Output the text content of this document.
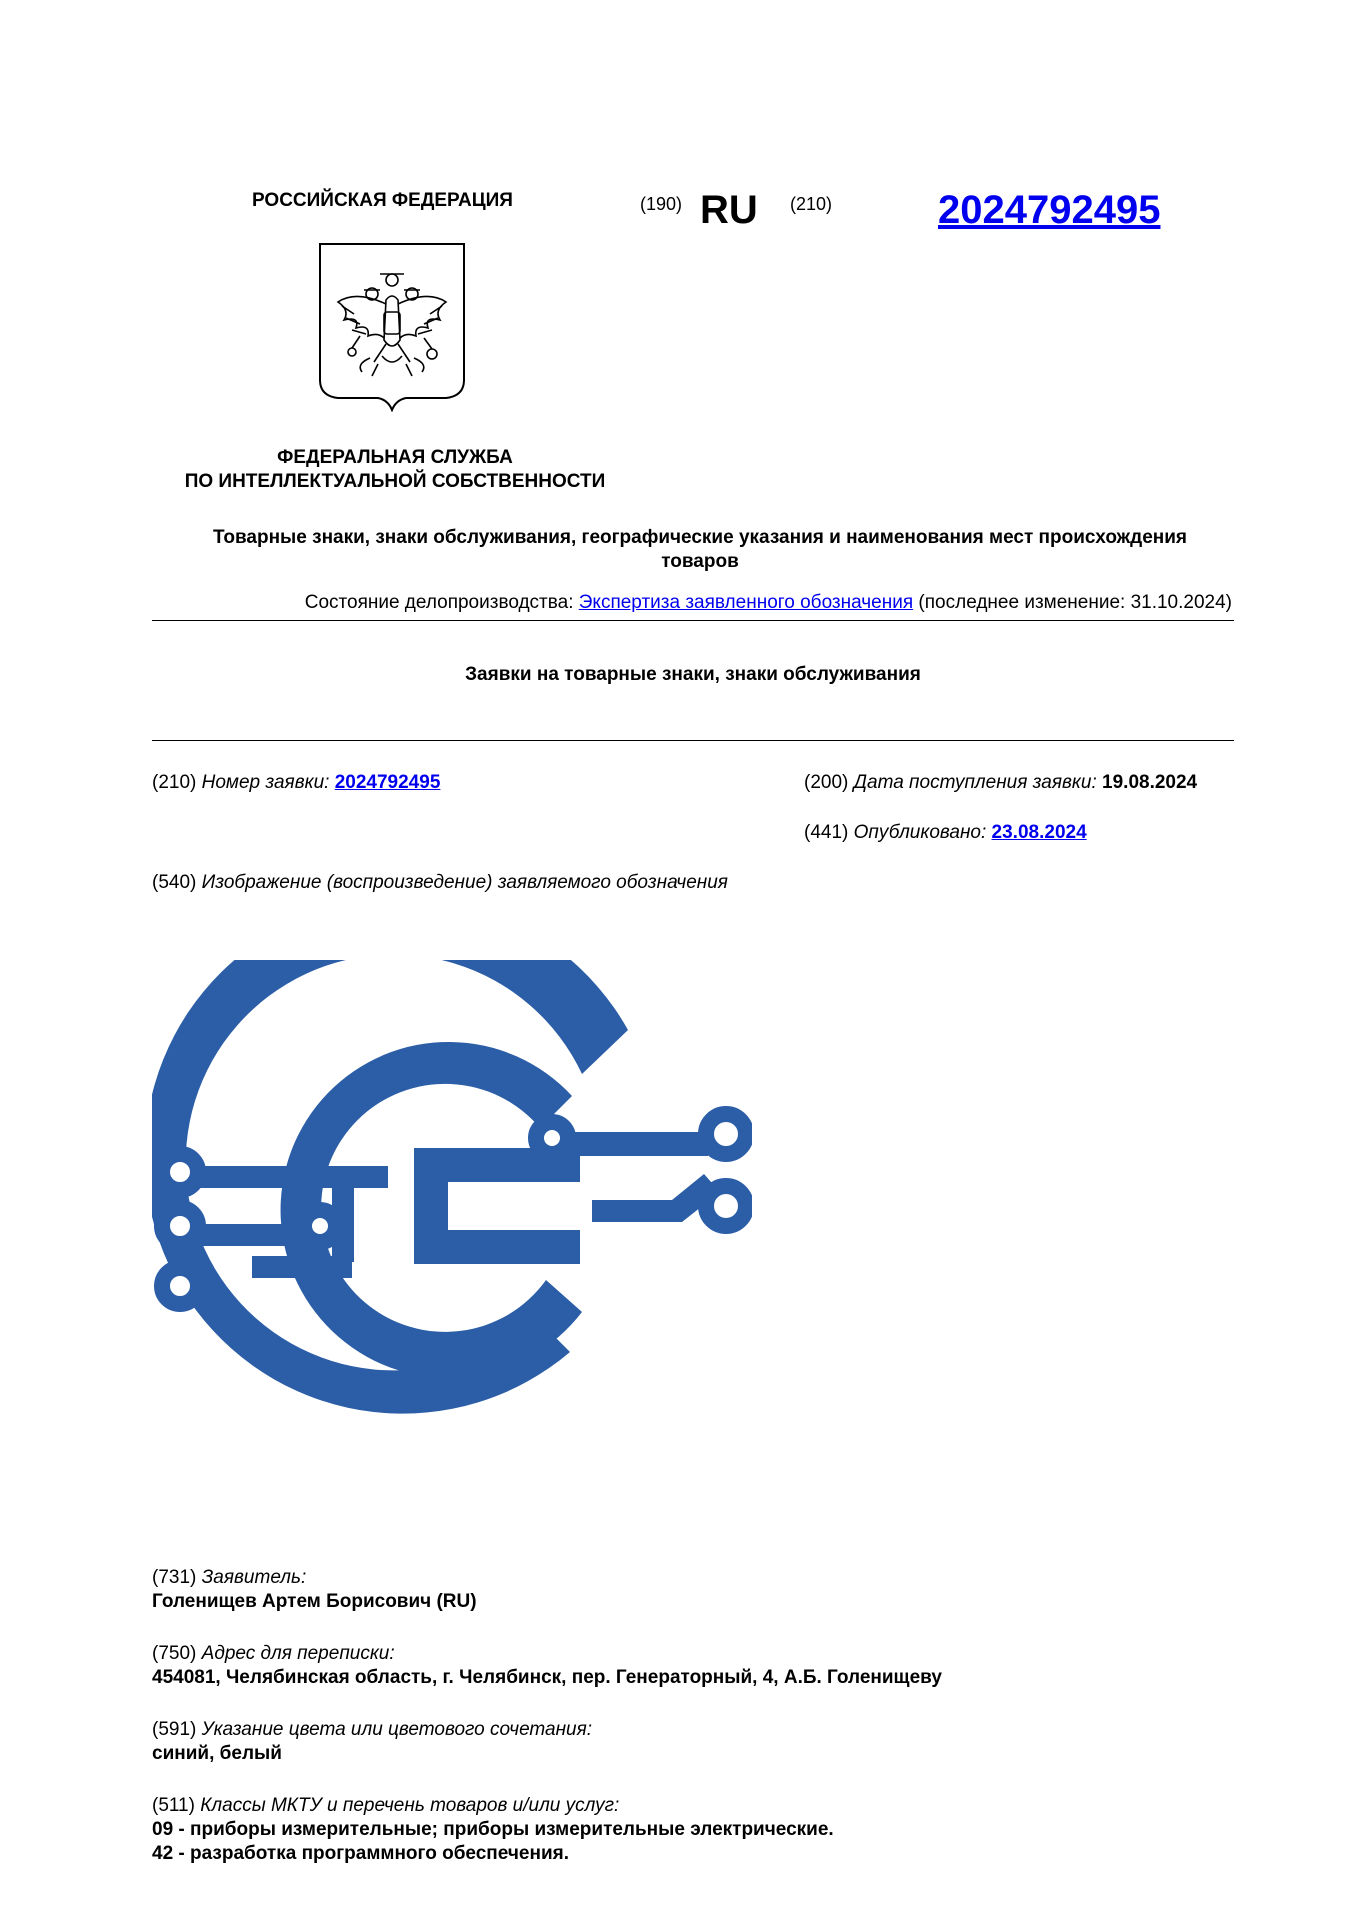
РОССИЙСКАЯ ФЕДЕРАЦИЯ	(190) RU (210)	2024792495
ФЕДЕРАЛЬНАЯ СЛУЖБА
ПО ИНТЕЛЛЕКТУАЛЬНОЙ СОБСТВЕННОСТИ
Товарные знаки, знаки обслуживания, географические указания и наименования мест происхождения
товаров
Состояние делопроизводства: Экспертиза заявленного обозначения (последнее изменение: 31.10.2024)
Заявки на товарные знаки, знаки обслуживания
(210) Номер заявки: 2024792495	(200) Дата поступления заявки: 19.08.2024
(441) Опубликовано: 23.08.2024
(540) Изображение (воспроизведение) заявляемого обозначения
(731) Заявитель:
Голенищев Артем Борисович (RU)
(750) Адрес для переписки:
454081, Челябинская область, г. Челябинск, пер. Генераторный, 4, А.Б. Голенищеву
(591) Указание цвета или цветового сочетания:
синий, белый
(511) Классы МКТУ и перечень товаров и/или услуг:
09 - приборы измерительные; приборы измерительные электрические.
42 - разработка программного обеспечения.
